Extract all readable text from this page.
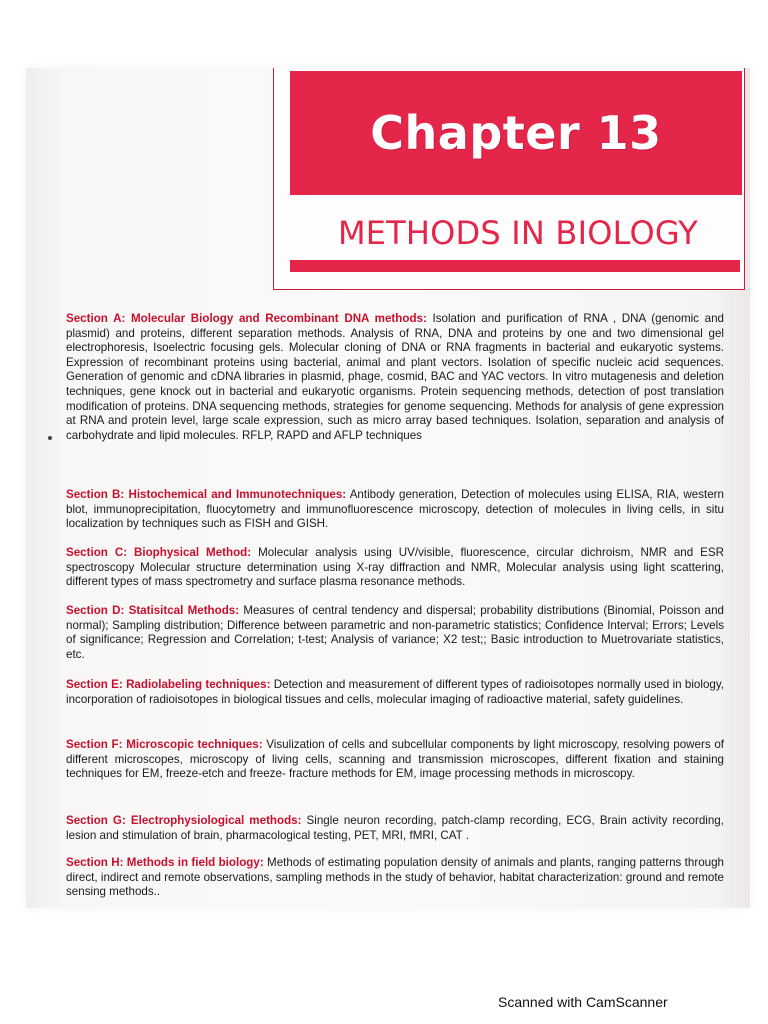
Chapter 13
METHODS IN BIOLOGY
Section A: Molecular Biology and Recombinant DNA methods: Isolation and purification of RNA , DNA (genomic and plasmid) and proteins, different separation methods. Analysis of RNA, DNA and proteins by one and two dimensional gel electrophoresis, Isoelectric focusing gels. Molecular cloning of DNA or RNA fragments in bacterial and eukaryotic systems. Expression of recombinant proteins using bacterial, animal and plant vectors. Isolation of specific nucleic acid sequences. Generation of genomic and cDNA libraries in plasmid, phage, cosmid, BAC and YAC vectors. In vitro mutagenesis and deletion techniques, gene knock out in bacterial and eukaryotic organisms. Protein sequencing methods, detection of post translation modification of proteins. DNA sequencing methods, strategies for genome sequencing. Methods for analysis of gene expression at RNA and protein level, large scale expression, such as micro array based techniques. Isolation, separation and analysis of carbohydrate and lipid molecules. RFLP, RAPD and AFLP techniques
Section B: Histochemical and Immunotechniques: Antibody generation, Detection of molecules using ELISA, RIA, western blot, immunoprecipitation, fluocytometry and immunofluorescence microscopy, detection of molecules in living cells, in situ localization by techniques such as FISH and GISH.
Section C: Biophysical Method: Molecular analysis using UV/visible, fluorescence, circular dichroism, NMR and ESR spectroscopy Molecular structure determination using X-ray diffraction and NMR, Molecular analysis using light scattering, different types of mass spectrometry and surface plasma resonance methods.
Section D: Statisitcal Methods: Measures of central tendency and dispersal; probability distributions (Binomial, Poisson and normal); Sampling distribution; Difference between parametric and non-parametric statistics; Confidence Interval; Errors; Levels of significance; Regression and Correlation; t-test; Analysis of variance; X2 test;; Basic introduction to Muetrovariate statistics, etc.
Section E: Radiolabeling techniques: Detection and measurement of different types of radioisotopes normally used in biology, incorporation of radioisotopes in biological tissues and cells, molecular imaging of radioactive material, safety guidelines.
Section F: Microscopic techniques: Visulization of cells and subcellular components by light microscopy, resolving powers of different microscopes, microscopy of living cells, scanning and transmission microscopes, different fixation and staining techniques for EM, freeze-etch and freeze- fracture methods for EM, image processing methods in microscopy.
Section G: Electrophysiological methods: Single neuron recording, patch-clamp recording, ECG, Brain activity recording, lesion and stimulation of brain, pharmacological testing, PET, MRI, fMRI, CAT .
Section H: Methods in field biology: Methods of estimating population density of animals and plants, ranging patterns through direct, indirect and remote observations, sampling methods in the study of behavior, habitat characterization: ground and remote sensing methods..
Scanned with CamScanner
